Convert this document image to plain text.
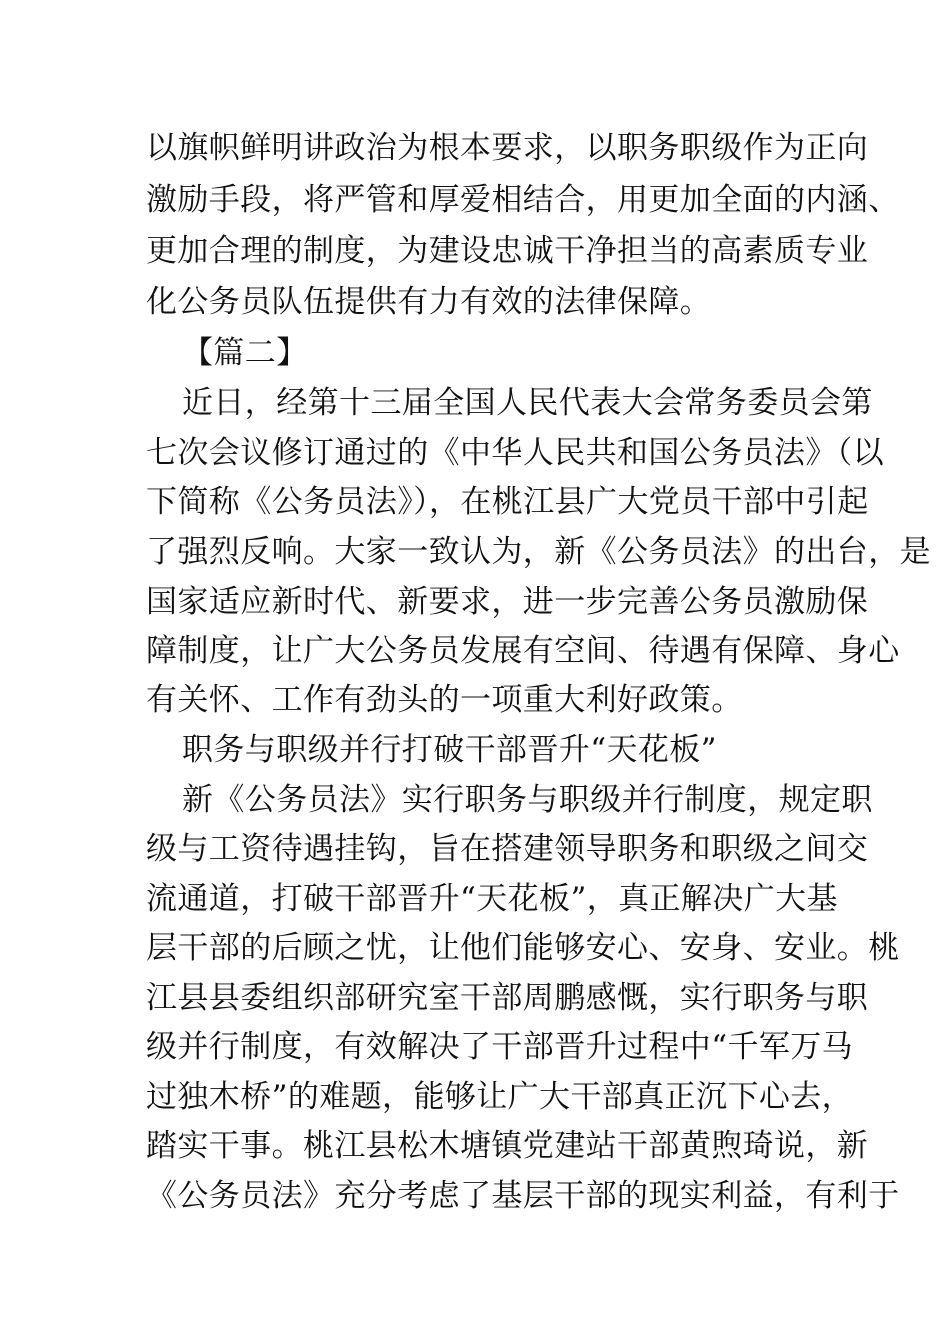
以旗帜鲜明讲政治为根本要求，以职务职级作为正向
激励手段，将严管和厚爱相结合，用更加全面的内涵、
更加合理的制度，为建设忠诚干净担当的高素质专业
化公务员队伍提供有力有效的法律保障。
【篇二】
近日，经第十三届全国人民代表大会常务委员会第
七次会议修订通过的《中华人民共和国公务员法》（以
下简称《公务员法》），在桃江县广大党员干部中引起
了强烈反响。大家一致认为，新《公务员法》的出台，是
国家适应新时代、新要求，进一步完善公务员激励保
障制度，让广大公务员发展有空间、待遇有保障、身心
有关怀、工作有劲头的一项重大利好政策。
职务与职级并行打破干部晋升“天花板”
新《公务员法》实行职务与职级并行制度，规定职
级与工资待遇挂钩，旨在搭建领导职务和职级之间交
流通道，打破干部晋升“天花板”，真正解决广大基
层干部的后顾之忧，让他们能够安心、安身、安业。桃
江县县委组织部研究室干部周鹏感慨，实行职务与职
级并行制度，有效解决了干部晋升过程中“千军万马
过独木桥”的难题，能够让广大干部真正沉下心去，
踏实干事。桃江县松木塘镇党建站干部黄煦琦说，新
《公务员法》充分考虑了基层干部的现实利益，有利于
